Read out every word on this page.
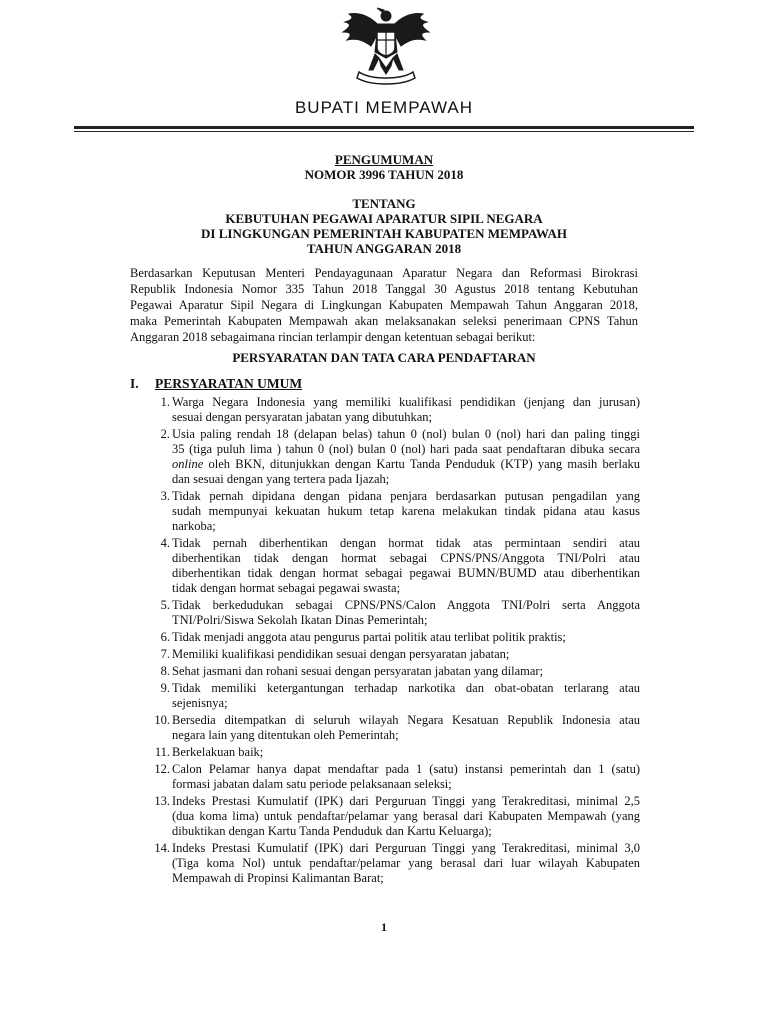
BUPATI MEMPAWAH
PENGUMUMAN
NOMOR 3996 TAHUN 2018
TENTANG
KEBUTUHAN PEGAWAI APARATUR SIPIL NEGARA
DI LINGKUNGAN PEMERINTAH KABUPATEN MEMPAWAH
TAHUN ANGGARAN 2018
Berdasarkan Keputusan Menteri Pendayagunaan Aparatur Negara dan Reformasi Birokrasi
Republik Indonesia Nomor 335 Tahun 2018 Tanggal 30 Agustus 2018 tentang Kebutuhan
Pegawai Aparatur Sipil Negara di Lingkungan Kabupaten Mempawah Tahun Anggaran 2018,
maka Pemerintah Kabupaten Mempawah akan melaksanakan seleksi penerimaan CPNS Tahun
Anggaran 2018 sebagaimana rincian terlampir dengan ketentuan sebagai berikut:
PERSYARATAN DAN TATA CARA PENDAFTARAN
I. PERSYARATAN UMUM
1. Warga Negara Indonesia yang memiliki kualifikasi pendidikan (jenjang dan jurusan)
sesuai dengan persyaratan jabatan yang dibutuhkan;
2. Usia paling rendah 18 (delapan belas) tahun 0 (nol) bulan 0 (nol) hari dan paling tinggi
35 (tiga puluh lima ) tahun 0 (nol) bulan 0 (nol) hari pada saat pendaftaran dibuka secara
online oleh BKN, ditunjukkan dengan Kartu Tanda Penduduk (KTP) yang masih berlaku
dan sesuai dengan yang tertera pada Ijazah;
3. Tidak pernah dipidana dengan pidana penjara berdasarkan putusan pengadilan yang
sudah mempunyai kekuatan hukum tetap karena melakukan tindak pidana atau kasus
narkoba;
4. Tidak pernah diberhentikan dengan hormat tidak atas permintaan sendiri atau
diberhentikan tidak dengan hormat sebagai CPNS/PNS/Anggota TNI/Polri atau
diberhentikan tidak dengan hormat sebagai pegawai BUMN/BUMD atau diberhentikan
tidak dengan hormat sebagai pegawai swasta;
5. Tidak berkedudukan sebagai CPNS/PNS/Calon Anggota TNI/Polri serta Anggota
TNI/Polri/Siswa Sekolah Ikatan Dinas Pemerintah;
6. Tidak menjadi anggota atau pengurus partai politik atau terlibat politik praktis;
7. Memiliki kualifikasi pendidikan sesuai dengan persyaratan jabatan;
8. Sehat jasmani dan rohani sesuai dengan persyaratan jabatan yang dilamar;
9. Tidak memiliki ketergantungan terhadap narkotika dan obat-obatan terlarang atau
sejenisnya;
10. Bersedia ditempatkan di seluruh wilayah Negara Kesatuan Republik Indonesia atau
negara lain yang ditentukan oleh Pemerintah;
11. Berkelakuan baik;
12. Calon Pelamar hanya dapat mendaftar pada 1 (satu) instansi pemerintah dan 1 (satu)
formasi jabatan dalam satu periode pelaksanaan seleksi;
13. Indeks Prestasi Kumulatif (IPK) dari Perguruan Tinggi yang Terakreditasi, minimal 2,5
(dua koma lima) untuk pendaftar/pelamar yang berasal dari Kabupaten Mempawah (yang
dibuktikan dengan Kartu Tanda Penduduk dan Kartu Keluarga);
14. Indeks Prestasi Kumulatif (IPK) dari Perguruan Tinggi yang Terakreditasi, minimal 3,0
(Tiga koma Nol) untuk pendaftar/pelamar yang berasal dari luar wilayah Kabupaten
Mempawah di Propinsi Kalimantan Barat;
1
